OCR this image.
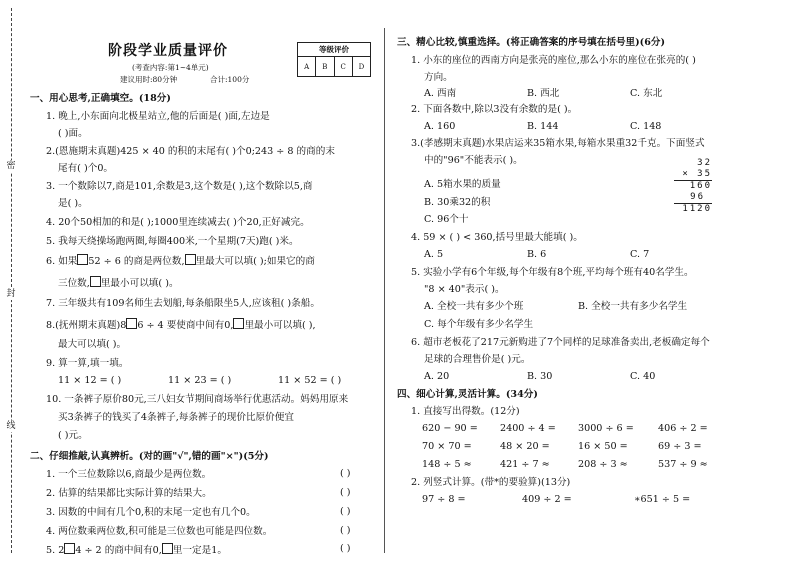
密
封
线
阶段学业质量评价
(考查内容:第1~4单元)
建议用时:80分钟	合计:100分
等级评价
A	B	C	D
一、用心思考,正确填空。(18分)
1. 晚上,小东面向北极星站立,他的后面是( )面,左边是
( )面。
2.(恩施期末真题)425 × 40 的积的末尾有( )个0;243 ÷ 8 的商的末
尾有( )个0。
3. 一个数除以7,商是101,余数是3,这个数是( ),这个数除以5,商
是( )。
4. 20个50相加的和是( );1000里连续减去( )个20,正好减完。
5. 我每天绕操场跑两圈,每圈400米,一个星期(7天)跑( )米。
6. 如果 52 ÷ 6 的商是两位数, 里最大可以填( );如果它的商
三位数, 里最小可以填( )。
7. 三年级共有109名师生去划船,每条船限坐5人,应该租( )条船。
8.(抚州期末真题)8 6 ÷ 4 要使商中间有0, 里最小可以填( ),
最大可以填( )。
9. 算一算,填一填。
11 × 12 = ( )	11 × 23 = ( )	11 × 52 = ( )
10. 一条裤子原价80元,三八妇女节期间商场举行优惠活动。妈妈用原来
买3条裤子的钱买了4条裤子,每条裤子的现价比原价便宜
( )元。
二、仔细推敲,认真辨析。(对的画"√",错的画"×")(5分)
1. 一个三位数除以6,商最少是两位数。	( )
2. 估算的结果都比实际计算的结果大。	( )
3. 因数的中间有几个0,积的末尾一定也有几个0。	( )
4. 两位数乘两位数,积可能是三位数也可能是四位数。	( )
5. 2 4 ÷ 2 的商中间有0, 里一定是1。	( )
三、精心比较,慎重选择。(将正确答案的序号填在括号里)(6分)
1. 小东的座位的西南方向是张亮的座位,那么小东的座位在张亮的( )
方向。
A. 西南	B. 西北	C. 东北
2. 下面各数中,除以3没有余数的是( )。
A. 160	B. 144	C. 148
3.(孝感期末真题)水果店运来35箱水果,每箱水果重32千克。下面竖式
中的"96"不能表示( )。
A. 5箱水果的质量
B. 30乘32的积
C. 96个十
32
× 35
160
96
1120
4. 59 × ( ) < 360,括号里最大能填( )。
A. 5	B. 6	C. 7
5. 实验小学有6个年级,每个年级有8个班,平均每个班有40名学生。
"8 × 40"表示( )。
A. 全校一共有多少个班	B. 全校一共有多少名学生
C. 每个年级有多少名学生
6. 超市老板花了217元新购进了7个同样的足球准备卖出,老板确定每个
足球的合理售价是( )元。
A. 20	B. 30	C. 40
四、细心计算,灵活计算。(34分)
1. 直接写出得数。(12分)
620 − 90 = 2400 ÷ 4 = 3000 ÷ 6 =	406 ÷ 2 =
70 × 70 =	48 × 20 =	16 × 50 =	69 ÷ 3 =
148 ÷ 5 ≈	421 ÷ 7 ≈	208 ÷ 3 ≈	537 ÷ 9 ≈
2. 列竖式计算。(带*的要验算)(13分)
97 ÷ 8 =	409 ÷ 2 =	∗651 ÷ 5 =
